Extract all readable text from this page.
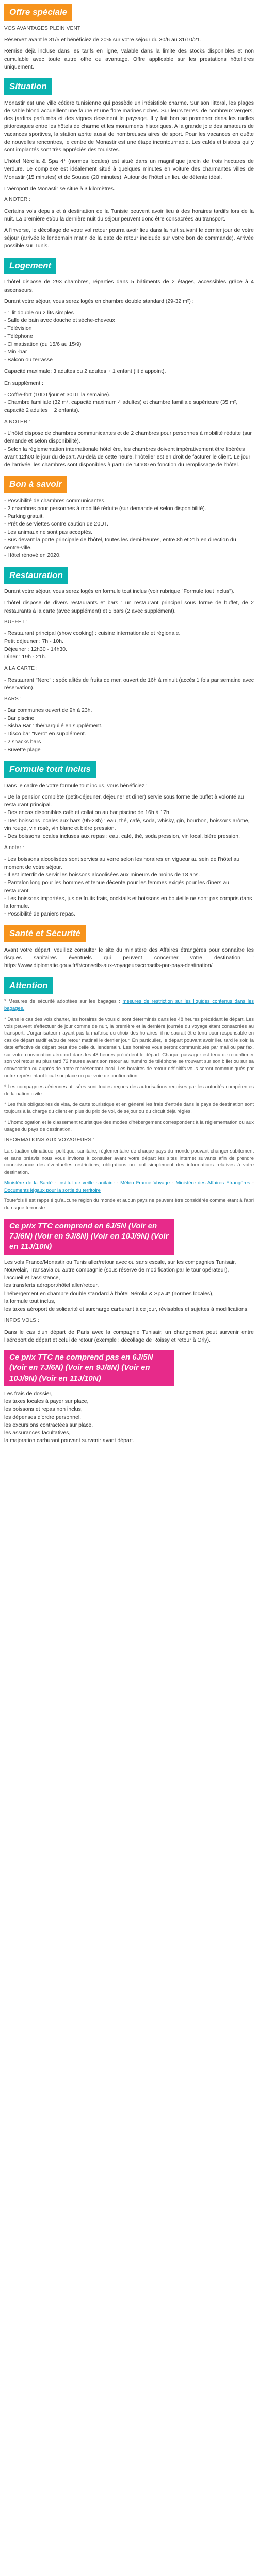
Offre spéciale
VOS AVANTAGES PLEIN VENT

Réservez avant le 31/5 et bénéficiez de 20% sur votre séjour du 30/6 au 31/10/21.

Remise déjà incluse dans les tarifs en ligne, valable dans la limite des stocks disponibles et non cumulable avec toute autre offre ou avantage. Offre applicable sur les prestations hôtelières uniquement.

Situation

Monastir est une ville côtière tunisienne qui possède un irrésistible charme. Sur son littoral, les plages de sable blond accueillent une faune et une flore marines riches. Sur leurs terres, de nombreux vergers, des jardins parfumés et des vignes dessinent le paysage. Il y fait bon se promener dans les ruelles pittoresques entre les hôtels de charme et les monuments historiques. A la grande joie des amateurs de vacances sportives, la station abrite aussi de nombreuses aires de sport. Pour les vacances en quête de nouvelles rencontres, le centre de Monastir est une étape incontournable. Les cafés et bistrots qui y sont implantés sont très appréciés des touristes.

L'hôtel Nérolia & Spa 4* (normes locales) est situé dans un magnifique jardin de trois hectares de verdure. Le complexe est idéalement situé à quelques minutes en voiture des charmantes villes de Monastir (15 minutes) et de Sousse (20 minutes). Autour de l'hôtel un lieu de détente idéal.

L'aéroport de Monastir se situe à 3 kilomètres.

A NOTER :

Certains vols depuis et à destination de la Tunisie peuvent avoir lieu à des horaires tardifs lors de la nuit. La première et/ou la dernière nuit du séjour peuvent donc être consacrées au transport.

A l'inverse, le décollage de votre vol retour pourra avoir lieu dans la nuit suivant le dernier jour de votre séjour (arrivée le lendemain matin de la date de retour indiquée sur votre bon de commande). Arrivée possible sur Tunis.

Logement

L'hôtel dispose de 293 chambres, réparties dans 5 bâtiments de 2 étages, accessibles grâce à 4 ascenseurs.

Durant votre séjour, vous serez logés en chambre double standard (29-32 m²) :

- 1 lit double ou 2 lits simples
- Salle de bain avec douche et sèche-cheveux
- Télévision
- Téléphone
- Climatisation (du 15/6 au 15/9)
- Mini-bar
- Balcon ou terrasse

Capacité maximale: 3 adultes ou 2 adultes + 1 enfant (lit d'appoint).

En supplément :

- Coffre-fort (10DT/jour et 30DT la semaine).
- Chambre familiale (32 m², capacité maximum 4 adultes) et chambre familiale supérieure (35 m², capacité 2 adultes + 2 enfants).
A NOTER :
- L'hôtel dispose de chambres communicantes et de 2 chambres pour personnes à mobilité réduite (sur demande et selon disponibilité).
- Selon la réglementation internationale hôtelière, les chambres doivent impérativement être libérées avant 12h00 le jour du départ. Au-delà de cette heure, l'hôtelier est en droit de facturer le client. Le jour de l'arrivée, les chambres sont disponibles à partir de 14h00 en fonction du remplissage de l'hôtel.
Bon à savoir
- Possibilité de chambres communicantes.
- 2 chambres pour personnes à mobilité réduite (sur demande et selon disponibilité).
- Parking gratuit.
- Prêt de serviettes contre caution de 20DT.
- Les animaux ne sont pas acceptés.
- Bus devant la porte principale de l'hôtel, toutes les demi-heures, entre 8h et 21h en direction du centre-ville.
- Hôtel rénové en 2020.
Restauration

Durant votre séjour, vous serez logés en formule tout inclus (voir rubrique "Formule tout inclus").

L'hôtel dispose de divers restaurants et bars : un restaurant principal sous forme de buffet, de 2 restaurants à la carte (avec supplément) et 5 bars (2 avec supplément).

BUFFET :
- Restaurant principal (show cooking) : cuisine internationale et régionale.
Petit déjeuner : 7h - 10h.
Déjeuner : 12h30 - 14h30.
Dîner : 19h - 21h.
A LA CARTE :

- Restaurant "Nero" : spécialités de fruits de mer, ouvert de 16h à minuit (accès 1 fois par semaine avec réservation).

BARS :
- Bar communes ouvert de 9h à 23h.
- Bar piscine
- Sisha Bar : thé/narguilé en supplément.
- Disco bar "Nero" en supplément.
- 2 snacks bars
- Buvette plage
Formule tout inclus

Dans le cadre de votre formule tout inclus, vous bénéficiez :

- De la pension complète (petit-déjeuner, déjeuner et dîner) servie sous forme de buffet à volonté au restaurant principal.
- Des encas disponibles café et collation au bar piscine de 16h à 17h.
- Des boissons locales aux bars (9h-23h) : eau, thé, café, soda, whisky, gin, bourbon, boissons arôme, vin rouge, vin rosé, vin blanc et bière pression.
- Des boissons locales incluses aux repas : eau, café, thé, soda pression, vin local, bière pression.
A noter :
- Les boissons alcoolisées sont servies au verre selon les horaires en vigueur au sein de l'hôtel au moment de votre séjour.
- Il est interdit de servir les boissons alcoolisées aux mineurs de moins de 18 ans.
- Pantalon long pour les hommes et tenue décente pour les femmes exigés pour les dîners au restaurant.
- Les boissons importées, jus de fruits frais, cocktails et boissons en bouteille ne sont pas compris dans la formule.
- Possibilité de paniers repas.
Santé et Sécurité

Avant votre départ, veuillez consulter le site du ministère des Affaires étrangères pour connaître les risques sanitaires éventuels qui peuvent concerner votre destination : https://www.diplomatie.gouv.fr/fr/conseils-aux-voyageurs/conseils-par-pays-destination/

Attention

* Mesures de sécurité adoptées sur les bagages : mesures de restriction sur les liquides contenus dans les bagages.

* Dans le cas des vols charter, les horaires de vous ci sont déterminés dans les 48 heures précédant le départ. Les vols peuvent s'effectuer de jour comme de nuit, la première et la dernière journée du voyage étant consacrées au transport. L'organisateur n'ayant pas la maîtrise du choix des horaires, il ne saurait être tenu pour responsable en cas de départ tardif et/ou de retour matinal le dernier jour. En particulier, le départ pouvant avoir lieu tard le soir, la date effective de départ peut être celle du lendemain. Les horaires vous seront communiqués par mail ou par fax, sur votre convocation aéroport dans les 48 heures précédent le départ. Chaque passager est tenu de reconfirmer son vol retour au plus tard 72 heures avant son retour au numéro de téléphone se trouvant sur son billet ou sur sa convocation ou auprès de notre représentant local. Les horaires de retour définitifs vous seront communiqués par notre représentant local sur place ou par voie de confirmation.

* Les compagnies aériennes utilisées sont toutes reçues des autorisations requises par les autorités compétentes de la nation civile.

* Les frais obligatoires de visa, de carte touristique et en général les frais d'entrée dans le pays de destination sont toujours à la charge du client en plus du prix de vol, de séjour ou du circuit déjà réglés.

* L'homologation et le classement touristique des modes d'hébergement correspondent à la réglementation ou aux usages du pays de destination.

INFORMATIONS AUX VOYAGEURS :

La situation climatique, politique, sanitaire, réglementaire de chaque pays du monde pouvant changer subitement et sans préavis nous vous invitons à consulter avant votre départ les sites internet suivants afin de prendre connaissance des éventuelles restrictions, obligations ou tout simplement des informations relatives à votre destination.

Ministère de la Santé - Institut de veille sanitaire - Météo France Voyage - Ministère des Affaires Etrangères - Documents légaux pour la sortie du territoire

Toutefois il est rappelé qu'aucune région du monde et aucun pays ne peuvent être considérés comme étant à l'abri du risque terroriste.

Ce prix TTC comprend en 6J/5N (Voir en 7J/6N) (Voir en 9J/8N) (Voir en 10J/9N) (Voir en 11J/10N)
Les vols France/Monastir ou Tunis aller/retour avec ou sans escale, sur les compagnies Tunisair, Nouvelair, Transavia ou autre compagnie (sous réserve de modification par le tour opérateur),
l'accueil et l'assistance,
les transferts aéroport/hôtel aller/retour,
l'hébergement en chambre double standard à l'hôtel Nérolia & Spa 4* (normes locales),
la formule tout inclus,
les taxes aéroport de solidarité et surcharge carburant à ce jour, révisables et sujettes à modifications.
INFOS VOLS :

Dans le cas d'un départ de Paris avec la compagnie Tunisair, un changement peut survenir entre l'aéroport de départ et celui de retour (exemple : décollage de Roissy et retour à Orly).

Ce prix TTC ne comprend pas en 6J/5N (Voir en 7J/6N) (Voir en 9J/8N) (Voir en 10J/9N) (Voir en 11J/10N)
Les frais de dossier,
les taxes locales à payer sur place,
les boissons et repas non inclus,
les dépenses d'ordre personnel,
les excursions contractées sur place,
les assurances facultatives,
la majoration carburant pouvant survenir avant départ.
